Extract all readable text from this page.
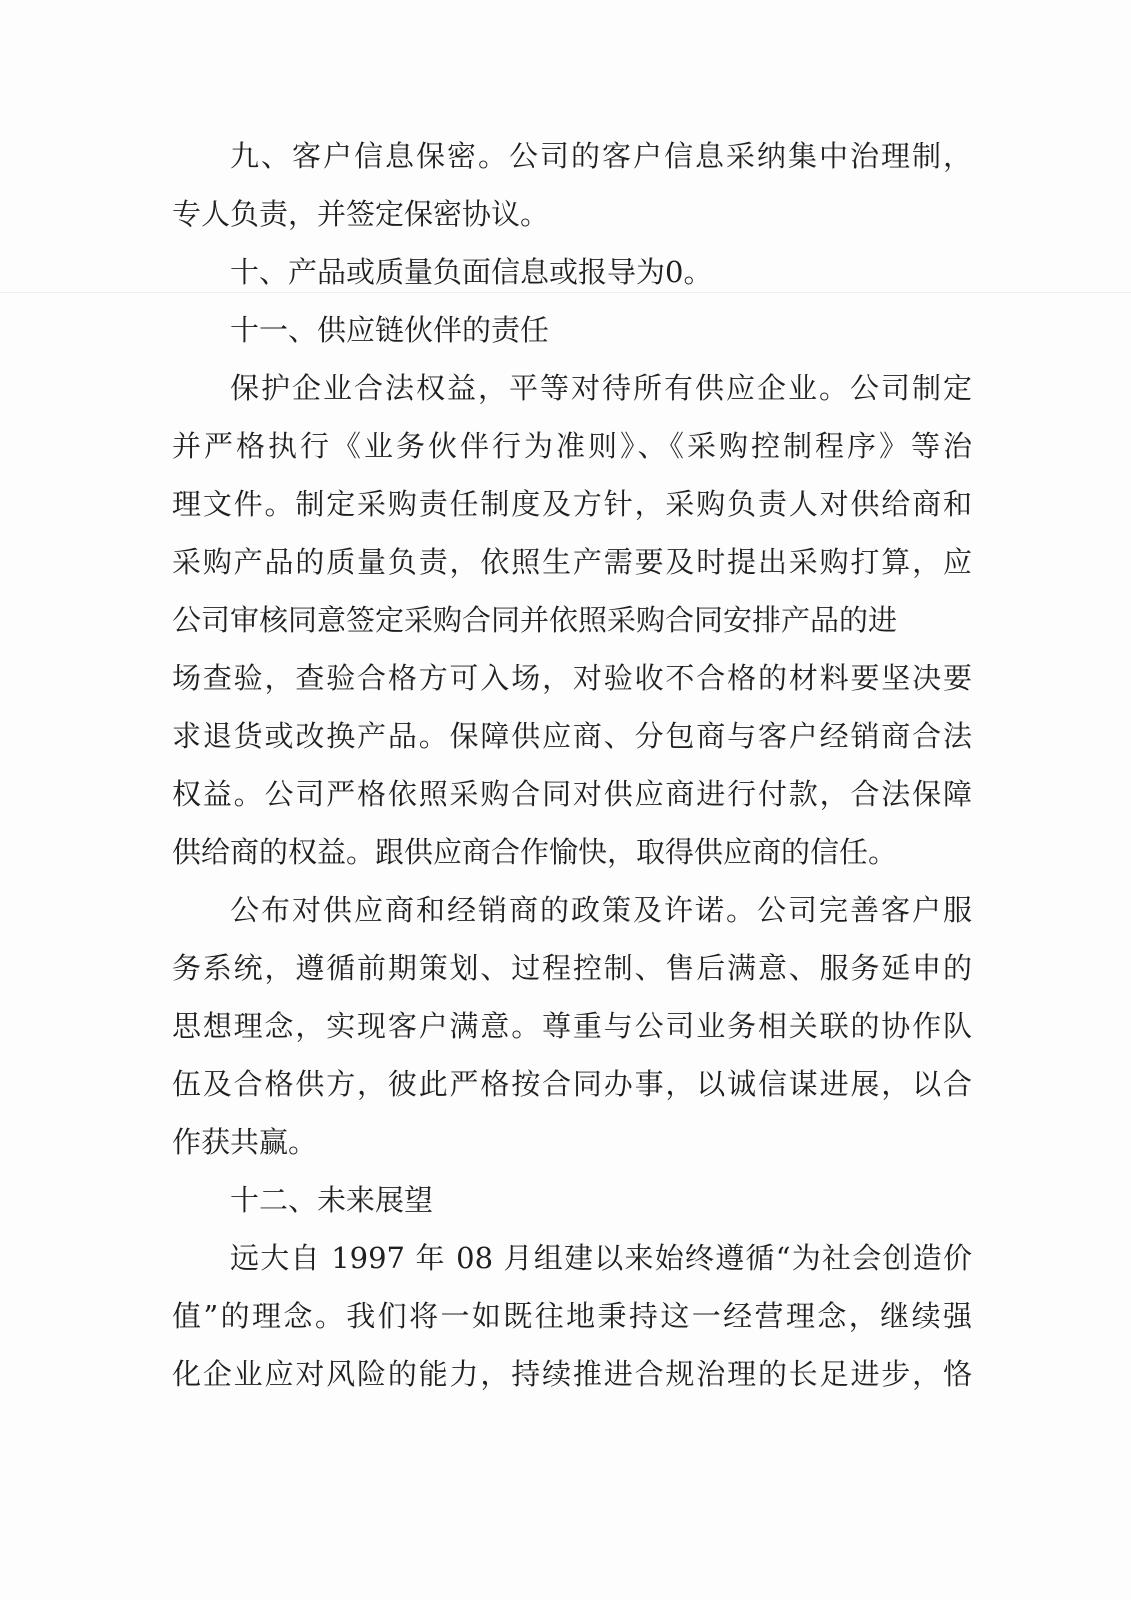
九、客户信息保密。公司的客户信息采纳集中治理制，
专人负责，并签定保密协议。
十、产品或质量负面信息或报导为0。
十一、供应链伙伴的责任
保护企业合法权益，平等对待所有供应企业。公司制定
并严格执行《业务伙伴行为准则》、《采购控制程序》等治
理文件。制定采购责任制度及方针，采购负责人对供给商和
采购产品的质量负责，依照生产需要及时提出采购打算，应
公司审核同意签定采购合同并依照采购合同安排产品的进
场查验，查验合格方可入场，对验收不合格的材料要坚决要
求退货或改换产品。保障供应商、分包商与客户经销商合法
权益。公司严格依照采购合同对供应商进行付款，合法保障
供给商的权益。跟供应商合作愉快，取得供应商的信任。
公布对供应商和经销商的政策及许诺。公司完善客户服
务系统，遵循前期策划、过程控制、售后满意、服务延申的
思想理念，实现客户满意。尊重与公司业务相关联的协作队
伍及合格供方，彼此严格按合同办事，以诚信谋进展，以合
作获共赢。
十二、未来展望
远大自 1997 年 08 月组建以来始终遵循“为社会创造价
值”的理念。我们将一如既往地秉持这一经营理念，继续强
化企业应对风险的能力，持续推进合规治理的长足进步，恪
